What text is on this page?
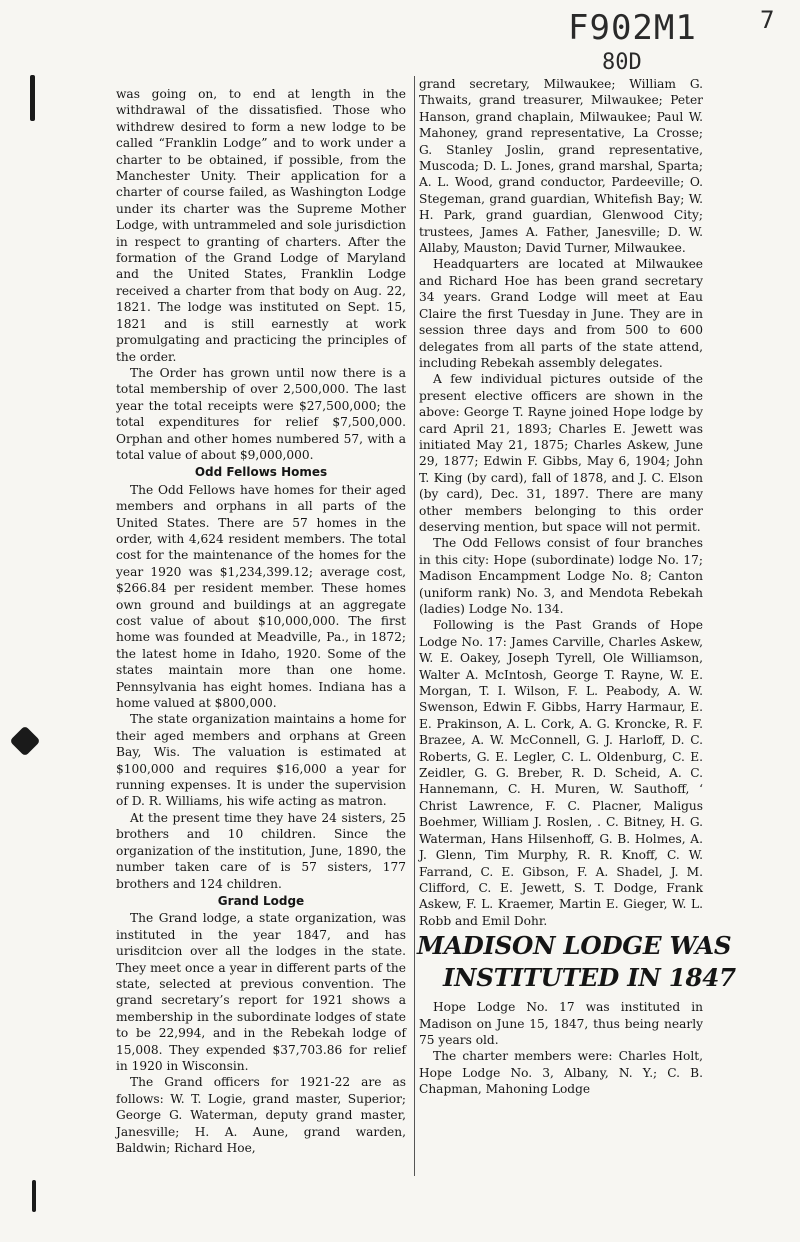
F902M1
80D
7

was going on, to end at length in the withdrawal of the dissatisfied. Those who withdrew desired to form a new lodge to be called “Franklin Lodge” and to work under a charter to be obtained, if possible, from the Manchester Unity. Their application for a charter of course failed, as Washington Lodge under its charter was the Supreme Mother Lodge, with untrammeled and sole jurisdiction in respect to granting of charters. After the formation of the Grand Lodge of Maryland and the United States, Franklin Lodge received a charter from that body on Aug. 22, 1821. The lodge was instituted on Sept. 15, 1821 and is still earnestly at work promulgating and practicing the principles of the order.

The Order has grown until now there is a total membership of over 2,500,000. The last year the total receipts were $27,500,000; the total expenditures for relief $7,500,000. Orphan and other homes numbered 57, with a total value of about $9,000,000.

Odd Fellows Homes

The Odd Fellows have homes for their aged members and orphans in all parts of the United States. There are 57 homes in the order, with 4,624 resident members. The total cost for the maintenance of the homes for the year 1920 was $1,234,399.12; average cost, $266.84 per resident member. These homes own ground and buildings at an aggregate cost value of about $10,000,000. The first home was founded at Meadville, Pa., in 1872; the latest home in Idaho, 1920. Some of the states maintain more than one home. Pennsylvania has eight homes. Indiana has a home valued at $800,000.

The state organization maintains a home for their aged members and orphans at Green Bay, Wis. The valuation is estimated at $100,000 and requires $16,000 a year for running expenses. It is under the supervision of D. R. Williams, his wife acting as matron.

At the present time they have 24 sisters, 25 brothers and 10 children. Since the organization of the institution, June, 1890, the number taken care of is 57 sisters, 177 brothers and 124 children.

Grand Lodge

The Grand lodge, a state organization, was instituted in the year 1847, and has urisditcion over all the lodges in the state. They meet once a year in different parts of the state, selected at previous convention. The grand secretary’s report for 1921 shows a membership in the subordinate lodges of state to be 22,994, and in the Rebekah lodge of 15,008. They expended $37,703.86 for relief in 1920 in Wisconsin.

The Grand officers for 1921-22 are as follows: W. T. Logie, grand master, Superior; George G. Waterman, deputy grand master, Janesville; H. A. Aune, grand warden, Baldwin; Richard Hoe,

grand secretary, Milwaukee; William G. Thwaits, grand treasurer, Milwaukee; Peter Hanson, grand chaplain, Milwaukee; Paul W. Mahoney, grand representative, La Crosse; G. Stanley Joslin, grand representative, Muscoda; D. L. Jones, grand marshal, Sparta; A. L. Wood, grand conductor, Pardeeville; O. Stegeman, grand guardian, Whitefish Bay; W. H. Park, grand guardian, Glenwood City; trustees, James A. Father, Janesville; D. W. Allaby, Mauston; David Turner, Milwaukee.

Headquarters are located at Milwaukee and Richard Hoe has been grand secretary 34 years. Grand Lodge will meet at Eau Claire the first Tuesday in June. They are in session three days and from 500 to 600 delegates from all parts of the state attend, including Rebekah assembly delegates.

A few individual pictures outside of the present elective officers are shown in the above: George T. Rayne joined Hope lodge by card April 21, 1893; Charles E. Jewett was initiated May 21, 1875; Charles Askew, June 29, 1877; Edwin F. Gibbs, May 6, 1904; John T. King (by card), fall of 1878, and J. C. Elson (by card), Dec. 31, 1897. There are many other members belonging to this order deserving mention, but space will not permit.

The Odd Fellows consist of four branches in this city: Hope (subordinate) lodge No. 17; Madison Encampment Lodge No. 8; Canton (uniform rank) No. 3, and Mendota Rebekah (ladies) Lodge No. 134.

Following is the Past Grands of Hope Lodge No. 17: James Carville, Charles Askew, W. E. Oakey, Joseph Tyrell, Ole Williamson, Walter A. McIntosh, George T. Rayne, W. E. Morgan, T. I. Wilson, F. L. Peabody, A. W. Swenson, Edwin F. Gibbs, Harry Harmaur, E. E. Prakinson, A. L. Cork, A. G. Kroncke, R. F. Brazee, A. W. McConnell, G. J. Harloff, D. C. Roberts, G. E. Legler, C. L. Oldenburg, C. E. Zeidler, G. G. Breber, R. D. Scheid, A. C. Hannemann, C. H. Muren, W. Sauthoff, ‘ Christ Lawrence, F. C. Placner, Maligus Boehmer, William J. Roslen, . C. Bitney, H. G. Waterman, Hans Hilsenhoff, G. B. Holmes, A. J. Glenn, Tim Murphy, R. R. Knoff, C. W. Farrand, C. E. Gibson, F. A. Shadel, J. M. Clifford, C. E. Jewett, S. T. Dodge, Frank Askew, F. L. Kraemer, Martin E. Gieger, W. L. Robb and Emil Dohr.

MADISON LODGE WAS
INSTITUTED IN 1847

Hope Lodge No. 17 was instituted in Madison on June 15, 1847, thus being nearly 75 years old.

The charter members were: Charles Holt, Hope Lodge No. 3, Albany, N. Y.; C. B. Chapman, Mahoning Lodge
